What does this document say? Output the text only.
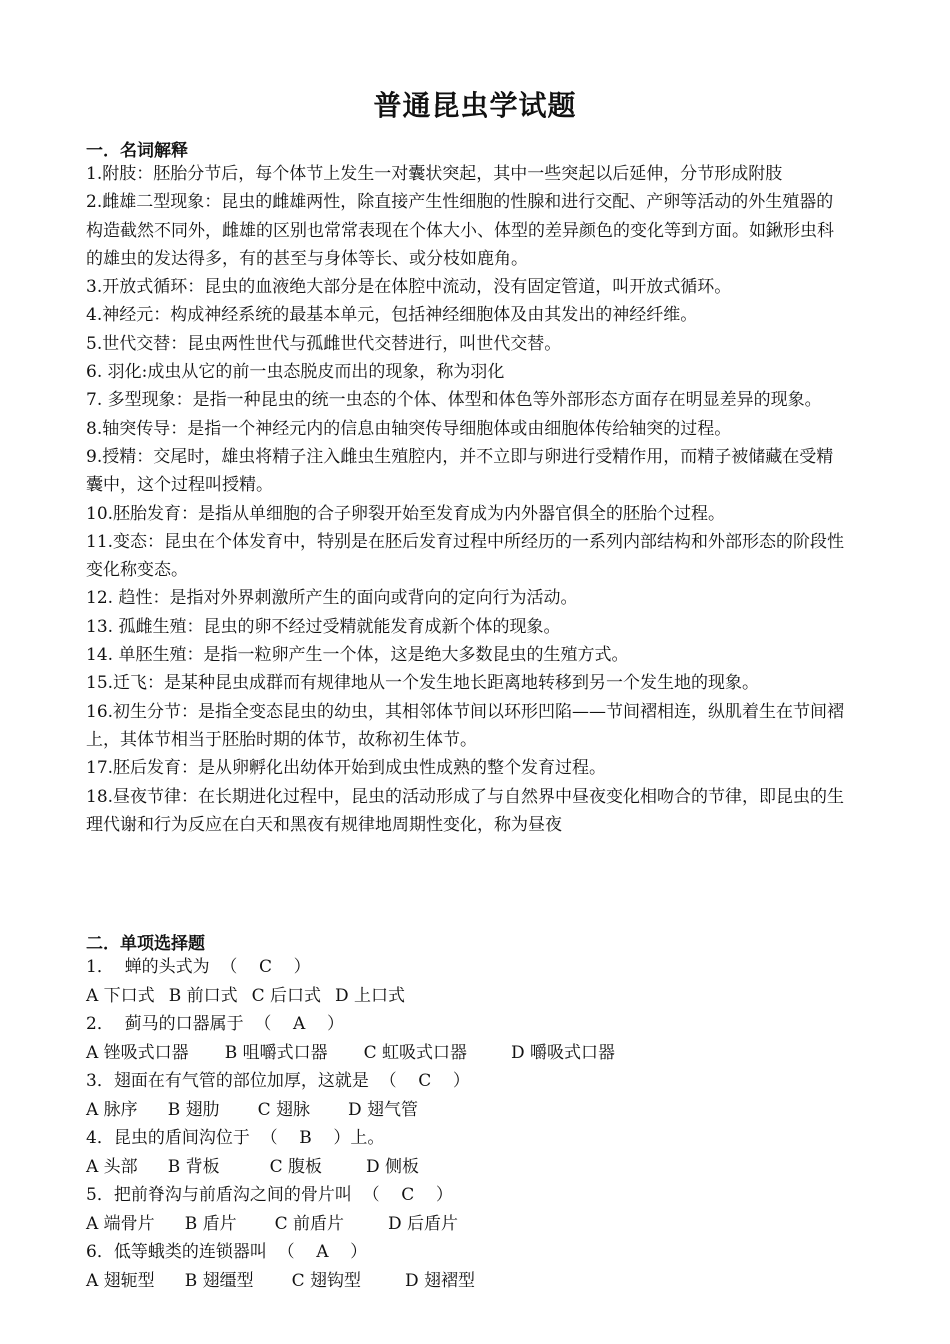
普通昆虫学试题
一．名词解释
1.附肢：胚胎分节后，每个体节上发生一对囊状突起，其中一些突起以后延伸，分节形成附肢
2.雌雄二型现象：昆虫的雌雄两性，除直接产生性细胞的性腺和进行交配、产卵等活动的外生殖器的构造截然不同外，雌雄的区别也常常表现在个体大小、体型的差异颜色的变化等到方面。如鍬形虫科的雄虫的发达得多，有的甚至与身体等长、或分枝如鹿角。
3.开放式循环：昆虫的血液绝大部分是在体腔中流动，没有固定管道，叫开放式循环。
4.神经元：构成神经系统的最基本单元，包括神经细胞体及由其发出的神经纤维。
5.世代交替：昆虫两性世代与孤雌世代交替进行，叫世代交替。
6. 羽化:成虫从它的前一虫态脱皮而出的现象，称为羽化
7. 多型现象：是指一种昆虫的统一虫态的个体、体型和体色等外部形态方面存在明显差异的现象。
8.轴突传导：是指一个神经元内的信息由轴突传导细胞体或由细胞体传给轴突的过程。
9.授精：交尾时，雄虫将精子注入雌虫生殖腔内，并不立即与卵进行受精作用，而精子被储藏在受精囊中，这个过程叫授精。
10.胚胎发育：是指从单细胞的合子卵裂开始至发育成为内外器官俱全的胚胎个过程。
11.变态：昆虫在个体发育中，特别是在胚后发育过程中所经历的一系列内部结构和外部形态的阶段性变化称变态。
12. 趋性：是指对外界刺激所产生的面向或背向的定向行为活动。
13. 孤雌生殖：昆虫的卵不经过受精就能发育成新个体的现象。
14. 单胚生殖：是指一粒卵产生一个体，这是绝大多数昆虫的生殖方式。
15.迁飞：是某种昆虫成群而有规律地从一个发生地长距离地转移到另一个发生地的现象。
16.初生分节：是指全变态昆虫的幼虫，其相邻体节间以环形凹陷——节间褶相连，纵肌着生在节间褶上，其体节相当于胚胎时期的体节，故称初生体节。
17.胚后发育：是从卵孵化出幼体开始到成虫性成熟的整个发育过程。
18.昼夜节律：在长期进化过程中，昆虫的活动形成了与自然界中昼夜变化相吻合的节律，即昆虫的生理代谢和行为反应在白天和黑夜有规律地周期性变化，称为昼夜
二．单项选择题
1．  蝉的头式为  （    C    ）
A 下口式 B 前口式 C 后口式 D 上口式
2．  蓟马的口器属于  （    A    ）
A 锉吸式口器 B 咀嚼式口器 C 虹吸式口器	D 嚼吸式口器
3．翅面在有气管的部位加厚，这就是  （    C    ）
A 脉序 B 翅肋 C 翅脉 D 翅气管
4．昆虫的盾间沟位于  （    B    ）上。
A 头部 B 背板	C 腹板	D 侧板
5．把前脊沟与前盾沟之间的骨片叫  （    C    ）
A 端骨片 B 盾片 C 前盾片	D 后盾片
6．低等蛾类的连锁器叫  （    A    ）
A 翅轭型 B 翅缰型 C 翅钩型	D 翅褶型
